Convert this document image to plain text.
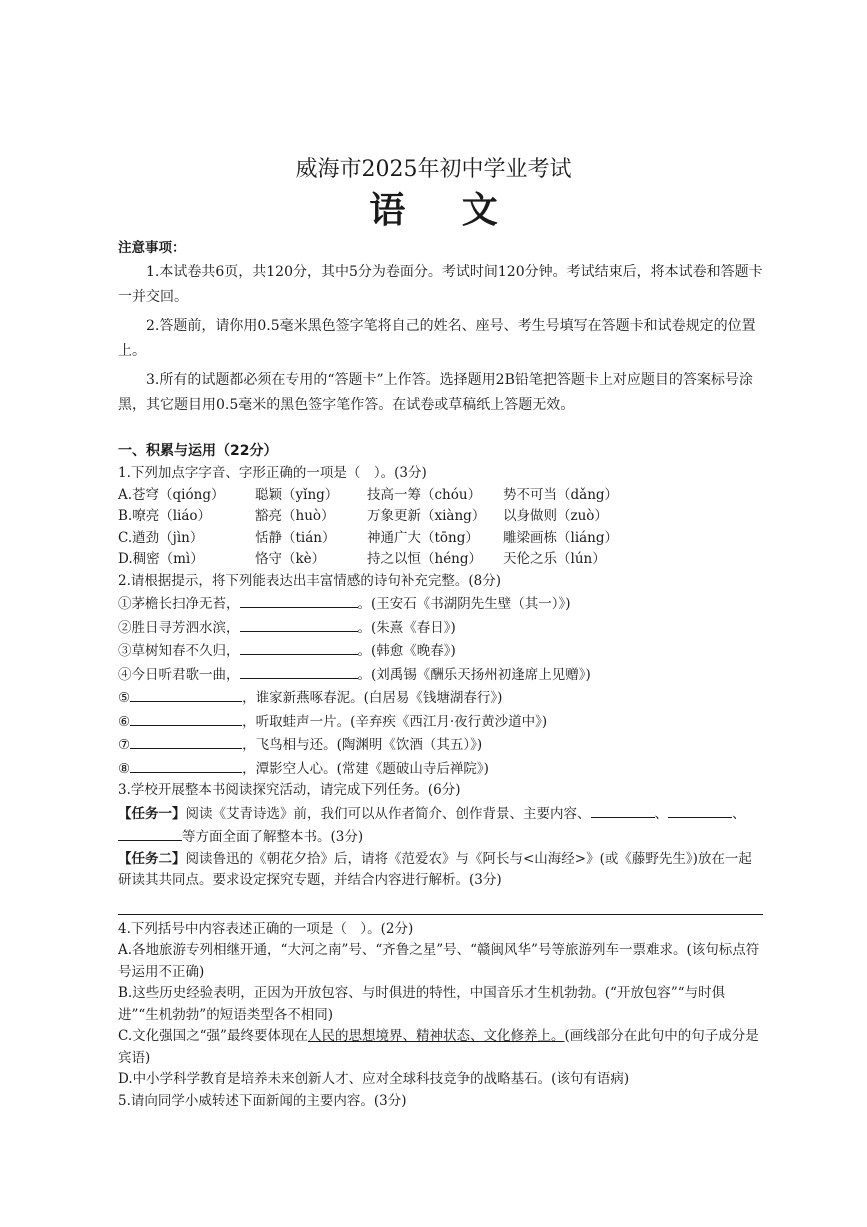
威海市2025年初中学业考试
语 文
注意事项：

1.本试卷共6页，共120分，其中5分为卷面分。考试时间120分钟。考试结束后，将本试卷和答题卡一并交回。

2.答题前，请你用0.5毫米黑色签字笔将自己的姓名、座号、考生号填写在答题卡和试卷规定的位置上。

3.所有的试题都必须在专用的“答题卡”上作答。选择题用2B铅笔把答题卡上对应题目的答案标号涂黑，其它题目用0.5毫米的黑色签字笔作答。在试卷或草稿纸上答题无效。

一、积累与运用（22分）
1.下列加点字字音、字形正确的一项是（　）。(3分)
A.苍穹（qióng）	聪颖（yǐng）	技高一筹（chóu）	势不可当（dǎng）
B.嘹亮（liáo）	豁亮（huò）	万象更新（xiàng）	以身做则（zuò）
C.遒劲（jìn）	恬静（tián）	神通广大（tōng）	雕梁画栋（liáng）
D.稠密（mì）	恪守（kè）	持之以恒（héng）	天伦之乐（lún）
2.请根据提示，将下列能表达出丰富情感的诗句补充完整。(8分)
①茅檐长扫净无苔，	。(王安石《书湖阴先生壁（其一）》)
②胜日寻芳泗水滨，	。(朱熹《春日》)
③草树知春不久归，	。(韩愈《晚春》)
④今日听君歌一曲，	。(刘禹锡《酬乐天扬州初逢席上见赠》)
⑤	，谁家新燕啄春泥。(白居易《钱塘湖春行》)
⑥	，听取蛙声一片。(辛弃疾《西江月·夜行黄沙道中》)
⑦	，飞鸟相与还。(陶渊明《饮酒（其五）》)
⑧	，潭影空人心。(常建《题破山寺后禅院》)
3.学校开展整本书阅读探究活动，请完成下列任务。(6分)
【任务一】阅读《艾青诗选》前，我们可以从作者简介、创作背景、主要内容、	、	、
等方面全面了解整本书。(3分)
【任务二】阅读鲁迅的《朝花夕拾》后，请将《范爱农》与《阿长与<山海经>》(或《藤野先生》)放在一起研读其共同点。要求设定探究专题，并结合内容进行解析。(3分)
4.下列括号中内容表述正确的一项是（　）。(2分)
A.各地旅游专列相继开通，“大河之南”号、“齐鲁之星”号、“赣闽风华”号等旅游列车一票难求。(该句标点符号运用不正确)
B.这些历史经验表明，正因为开放包容、与时俱进的特性，中国音乐才生机勃勃。(“开放包容”“与时俱进”“生机勃勃”的短语类型各不相同)
C.文化强国之“强”最终要体现在人民的思想境界、精神状态、文化修养上。(画线部分在此句中的句子成分是宾语)
D.中小学科学教育是培养未来创新人才、应对全球科技竞争的战略基石。(该句有语病)
5.请向同学小威转述下面新闻的主要内容。(3分)
